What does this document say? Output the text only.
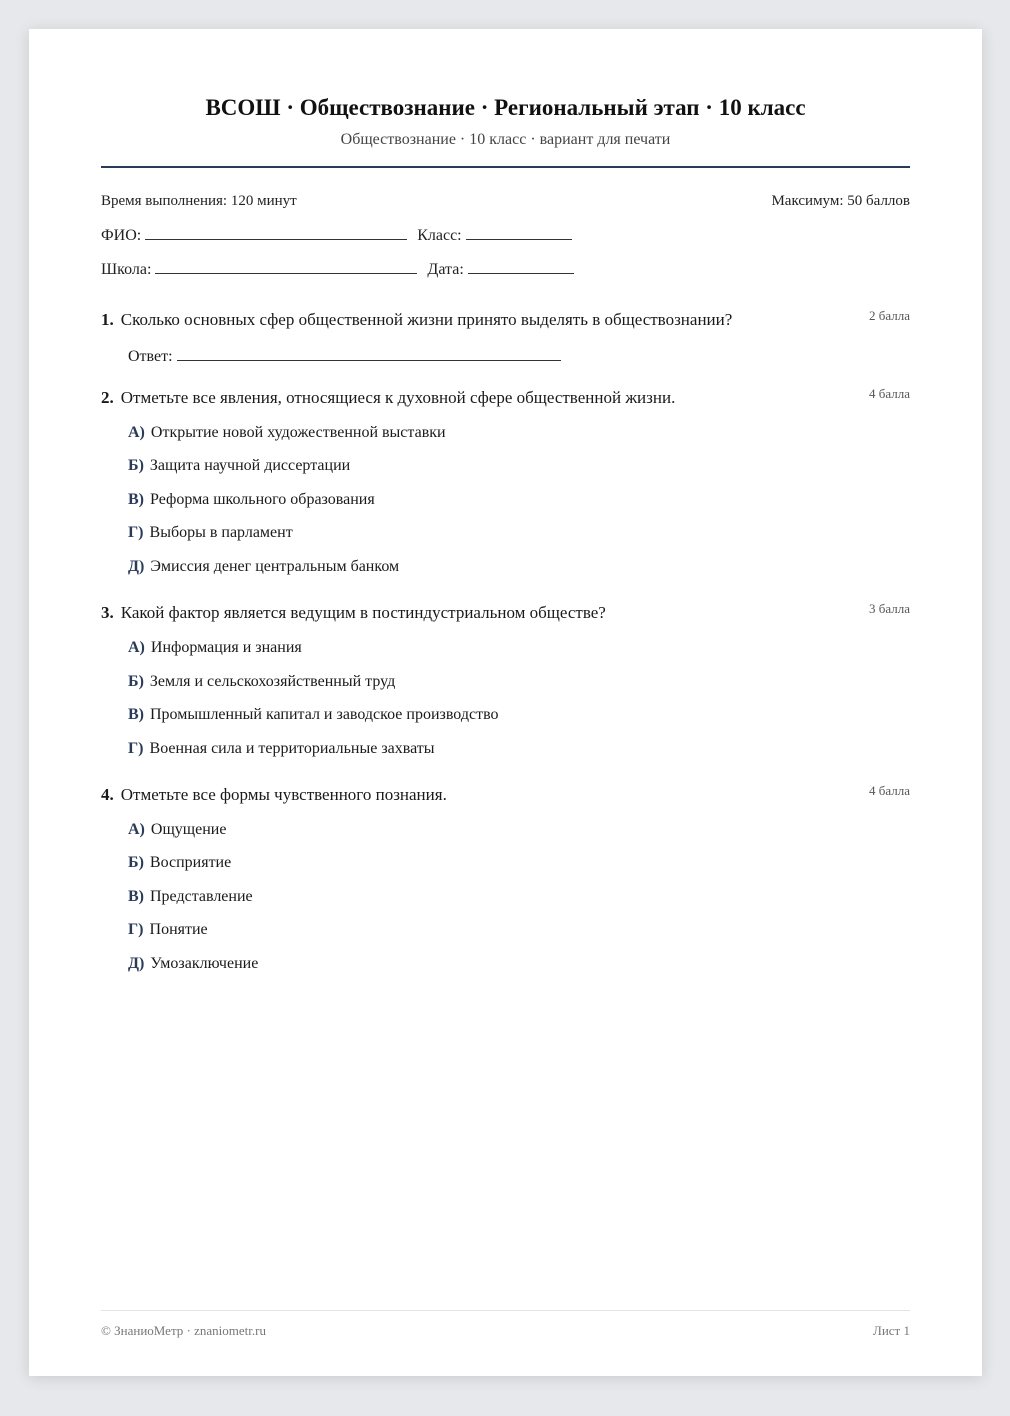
ВСОШ · Обществознание · Региональный этап · 10 класс
Обществознание · 10 класс · вариант для печати
Время выполнения: 120 минут	Максимум: 50 баллов
ФИО:	Класс:
Школа:	Дата:
1. Сколько основных сфер общественной жизни принято выделять в обществознании?	2 балла
Ответ:
2. Отметьте все явления, относящиеся к духовной сфере общественной жизни.	4 балла
А) Открытие новой художественной выставки
Б) Защита научной диссертации
В) Реформа школьного образования
Г) Выборы в парламент
Д) Эмиссия денег центральным банком
3. Какой фактор является ведущим в постиндустриальном обществе?	3 балла
А) Информация и знания
Б) Земля и сельскохозяйственный труд
В) Промышленный капитал и заводское производство
Г) Военная сила и территориальные захваты
4. Отметьте все формы чувственного познания.	4 балла
А) Ощущение
Б) Восприятие
В) Представление
Г) Понятие
Д) Умозаключение
© ЗнаниоМетр · znaniometr.ru	Лист 1
